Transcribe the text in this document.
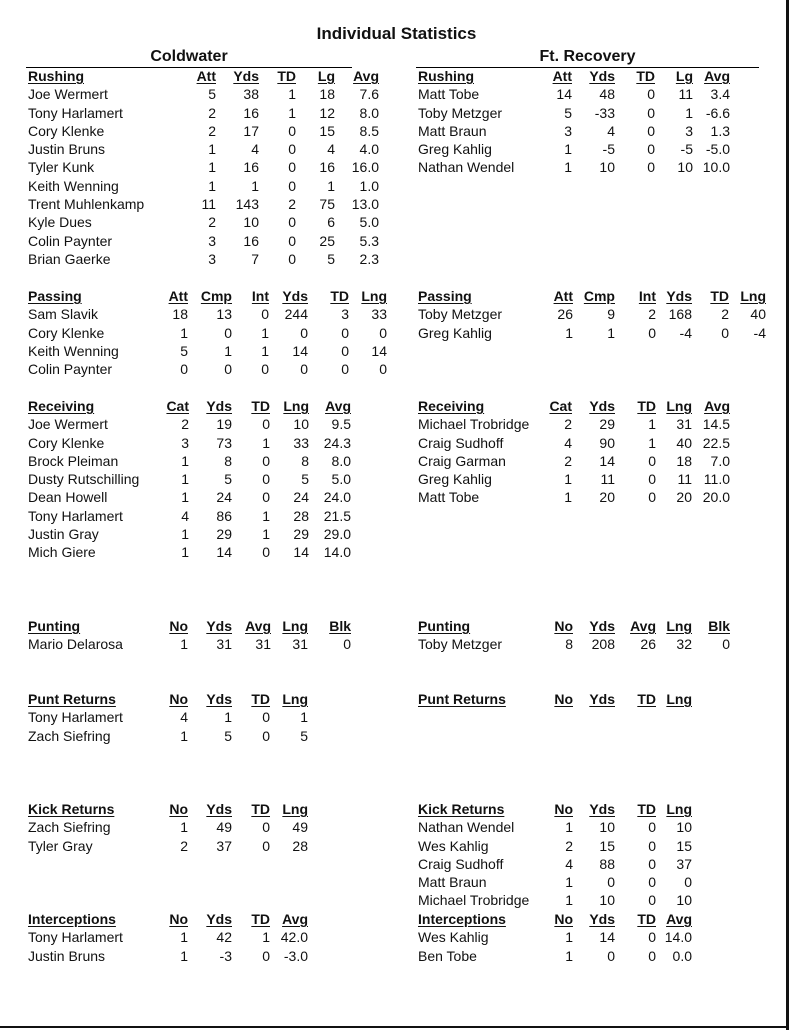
Individual Statistics
Coldwater	Ft. Recovery
Rushing	Att	Yds	TD	Lg	Avg
Joe Wermert	5	38	1	18	7.6
Tony Harlamert	2	16	1	12	8.0
Cory Klenke	2	17	0	15	8.5
Justin Bruns	1	4	0	4	4.0
Tyler Kunk	1	16	0	16	16.0
Keith Wenning	1	1	0	1	1.0
Trent Muhlenkamp	11	143	2	75	13.0
Kyle Dues	2	10	0	6	5.0
Colin Paynter	3	16	0	25	5.3
Brian Gaerke	3	7	0	5	2.3
Rushing	Att	Yds	TD	Lg Avg
Matt Tobe	14	48	0	11	3.4
Toby Metzger	5	-33	0	1 -6.6
Matt Braun	3	4	0	3	1.3
Greg Kahlig	1	-5	0	-5 -5.0
Nathan Wendel	1	10	0	10 10.0
Passing	Att Cmp	Int Yds	TD Lng
Sam Slavik	18	13	0	244	3	33
Cory Klenke	1	0	1	0	0	0
Keith Wenning	5	1	1	14	0	14
Colin Paynter	0	0	0	0	0	0
Passing	Att Cmp	Int Yds	TD Lng
Toby Metzger	26	9	2 168	2	40
Greg Kahlig	1	1	0	-4	0	-4
Receiving	Cat	Yds	TD Lng	Avg
Joe Wermert	2	19	0	10	9.5
Cory Klenke	3	73	1	33	24.3
Brock Pleiman	1	8	0	8	8.0
Dusty Rutschilling	1	5	0	5	5.0
Dean Howell	1	24	0	24	24.0
Tony Harlamert	4	86	1	28	21.5
Justin Gray	1	29	1	29	29.0
Mich Giere	1	14	0	14	14.0
Receiving	Cat	Yds	TD Lng Avg
Michael Trobridge	2	29	1	31 14.5
Craig Sudhoff	4	90	1	40 22.5
Craig Garman	2	14	0	18	7.0
Greg Kahlig	1	11	0	11 11.0
Matt Tobe	1	20	0	20 20.0
Punting	No	Yds Avg Lng	Blk
Mario Delarosa	1	31	31	31	0
Punting	No	Yds	Avg Lng	Blk
Toby Metzger	8	208	26	32	0
Punt Returns	No	Yds	TD Lng
Tony Harlamert	4	1	0	1
Zach Siefring	1	5	0	5
Punt Returns	No	Yds	TD Lng
Kick Returns	No	Yds	TD Lng
Zach Siefring	1	49	0	49
Tyler Gray	2	37	0	28
Kick Returns	No	Yds	TD Lng
Nathan Wendel	1	10	0	10
Wes Kahlig	2	15	0	15
Craig Sudhoff	4	88	0	37
Matt Braun	1	0	0	0
Michael Trobridge	1	10	0	10
Interceptions	No	Yds	TD Avg
Tony Harlamert	1	42	1 42.0
Justin Bruns	1	-3	0 -3.0
Interceptions	No	Yds	TD Avg
Wes Kahlig	1	14	0 14.0
Ben Tobe	1	0	0	0.0
